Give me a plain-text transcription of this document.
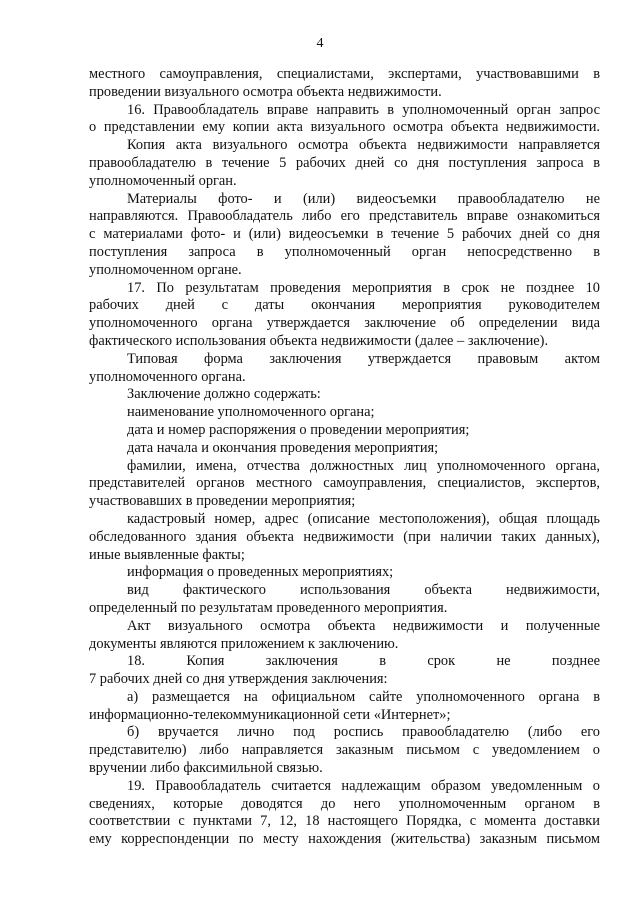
4
местного самоуправления, специалистами, экспертами, участвовавшими в
проведении визуального осмотра объекта недвижимости.
16. Правообладатель вправе направить в уполномоченный орган запрос
о представлении ему копии акта визуального осмотра объекта недвижимости.
Копия акта визуального осмотра объекта недвижимости направляется
правообладателю в течение 5 рабочих дней со дня поступления запроса в
уполномоченный орган.
Материалы фото- и (или) видеосъемки правообладателю не
направляются. Правообладатель либо его представитель вправе ознакомиться
с материалами фото- и (или) видеосъемки в течение 5 рабочих дней со дня
поступления запроса в уполномоченный орган непосредственно в
уполномоченном органе.
17. По результатам проведения мероприятия в срок не позднее 10
рабочих дней с даты окончания мероприятия руководителем
уполномоченного органа утверждается заключение об определении вида
фактического использования объекта недвижимости (далее – заключение).
Типовая форма заключения утверждается правовым актом
уполномоченного органа.
Заключение должно содержать:
наименование уполномоченного органа;
дата и номер распоряжения о проведении мероприятия;
дата начала и окончания проведения мероприятия;
фамилии, имена, отчества должностных лиц уполномоченного органа,
представителей органов местного самоуправления, специалистов, экспертов,
участвовавших в проведении мероприятия;
кадастровый номер, адрес (описание местоположения), общая площадь
обследованного здания объекта недвижимости (при наличии таких данных),
иные выявленные факты;
информация о проведенных мероприятиях;
вид фактического использования объекта недвижимости,
определенный по результатам проведенного мероприятия.
Акт визуального осмотра объекта недвижимости и полученные
документы являются приложением к заключению.
18. Копия заключения в срок не позднее
7 рабочих дней со дня утверждения заключения:
а) размещается на официальном сайте уполномоченного органа в
информационно-телекоммуникационной сети «Интернет»;
б) вручается лично под роспись правообладателю (либо его
представителю) либо направляется заказным письмом с уведомлением о
вручении либо факсимильной связью.
19. Правообладатель считается надлежащим образом уведомленным о
сведениях, которые доводятся до него уполномоченным органом в
соответствии с пунктами 7, 12, 18 настоящего Порядка, с момента доставки
ему корреспонденции по месту нахождения (жительства) заказным письмом
